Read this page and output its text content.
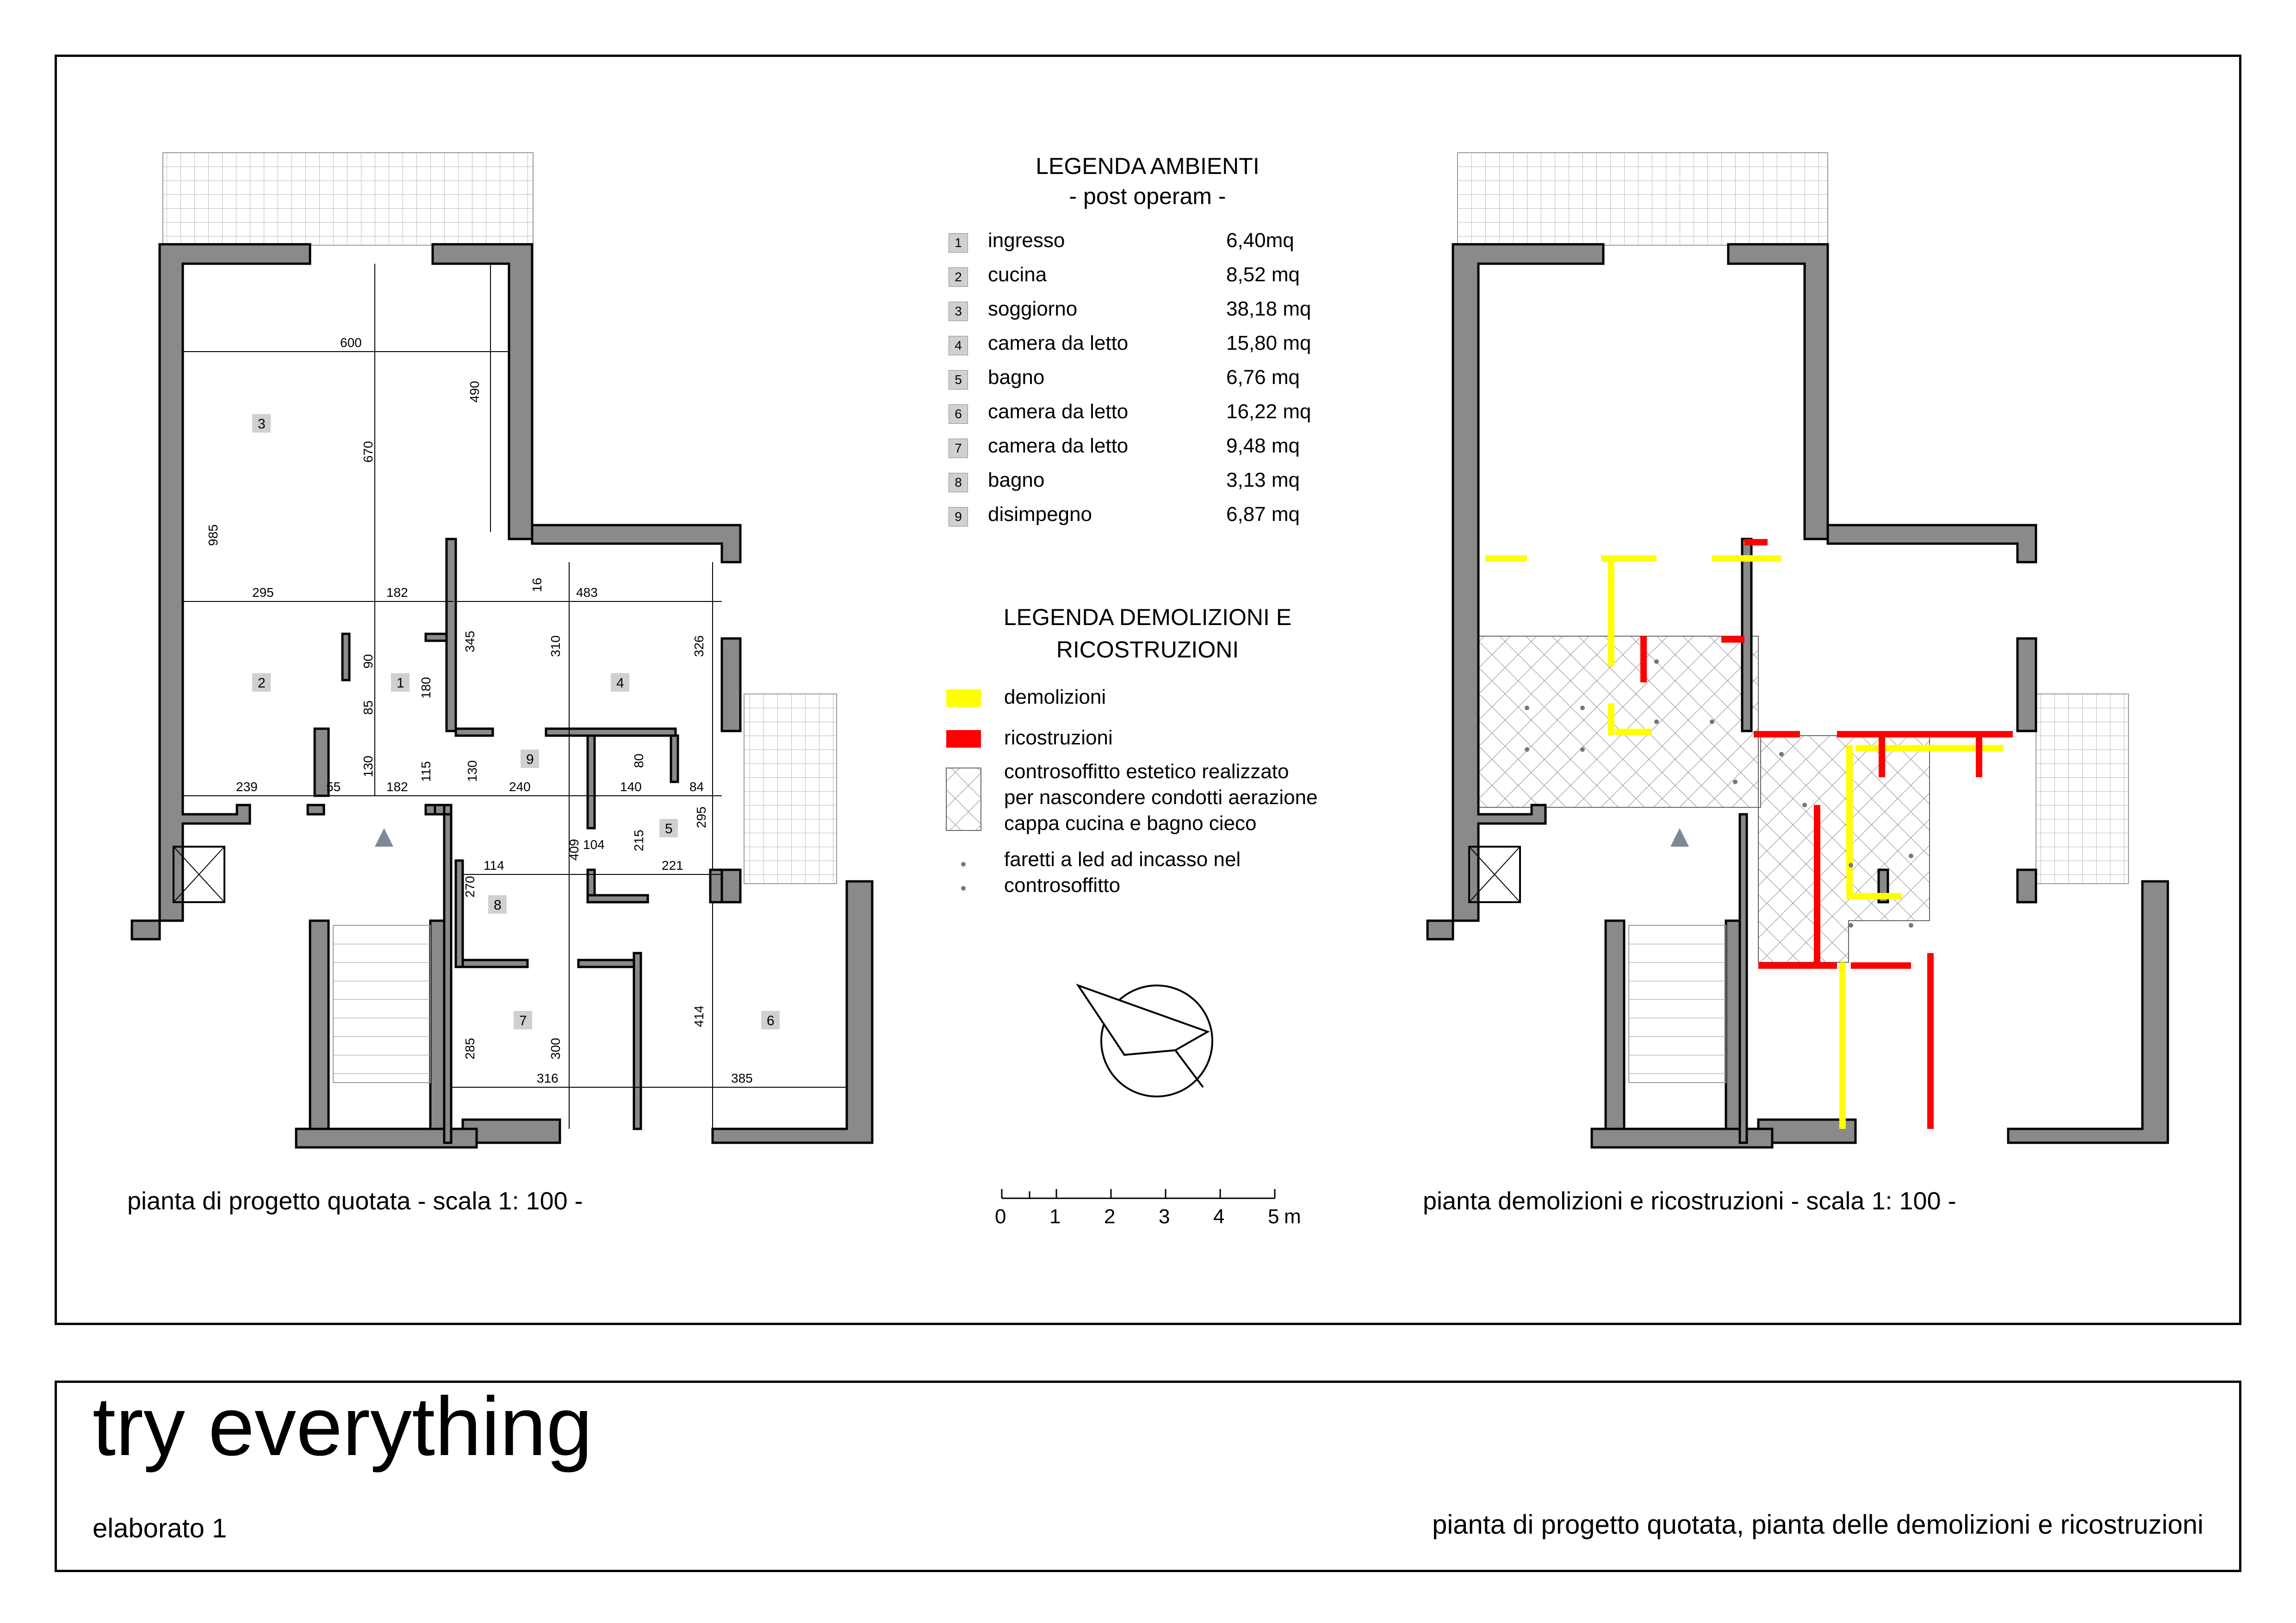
600
490
670
985
295	182
16
483
345	310	326
90
85
180
130	115 130
239	55	182	240	140	84
80
295
215
114
409 104
221
270
285	300
414
316	385
1
2
3
4
5
6
7
8
9
0 1 2 3 4 5 m
pianta di progetto quotata - scala 1: 100 -	pianta demolizioni e ricostruzioni - scala 1: 100 -
LEGENDA AMBIENTI
- post operam -
1 ingresso	6,40mq
2 cucina	8,52 mq
3 soggiorno	38,18 mq
4 camera da letto	15,80 mq
5 bagno	6,76 mq
6 camera da letto	16,22 mq
7 camera da letto	9,48 mq
8 bagno	3,13 mq
9 disimpegno	6,87 mq
LEGENDA DEMOLIZIONI E
RICOSTRUZIONI
demolizioni
ricostruzioni
controsoffitto estetico realizzato
per nascondere condotti aerazione
cappa cucina e bagno cieco
faretti a led ad incasso nel
controsoffitto
try everything
elaborato 1	pianta di progetto quotata, pianta delle demolizioni e ricostruzioni
